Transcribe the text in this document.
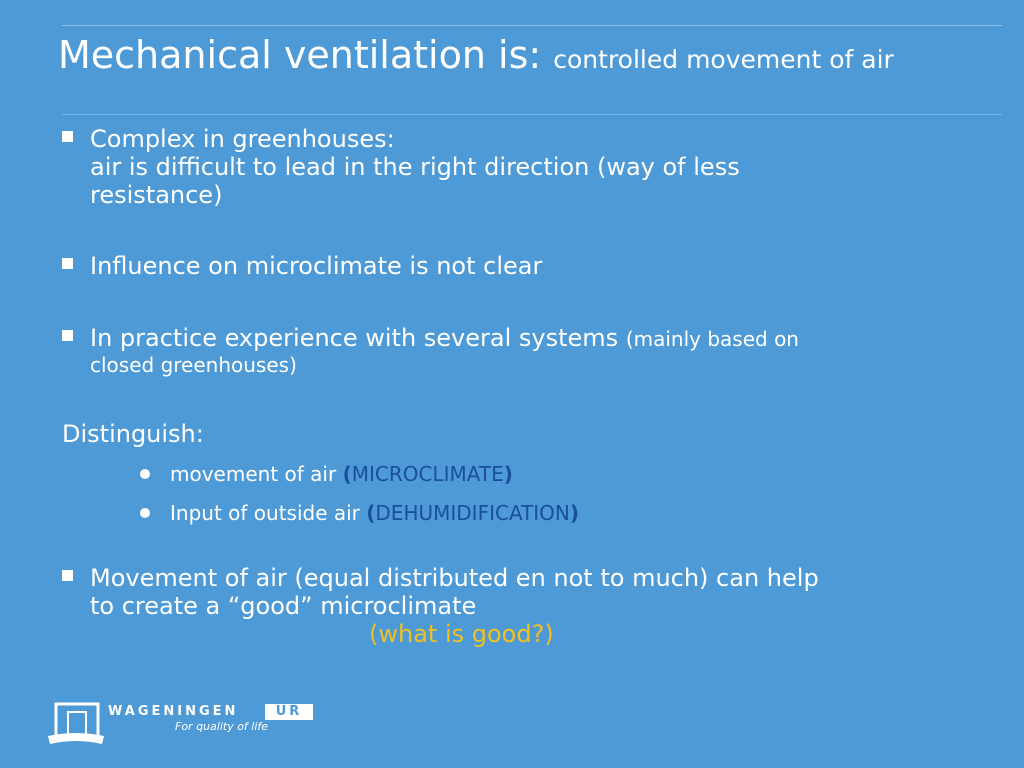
Mechanical ventilation is: controlled movement of air
Complex in greenhouses:
air is difficult to lead in the right direction (way of less
resistance)
Influence on microclimate is not clear
In practice experience with several systems (mainly based on
closed greenhouses)
Distinguish:
movement of air (MICROCLIMATE)
Input of outside air (DEHUMIDIFICATION)
Movement of air (equal distributed en not to much) can help
to create a “good” microclimate
(what is good?)
WAGENINGEN	UR
For quality of life
